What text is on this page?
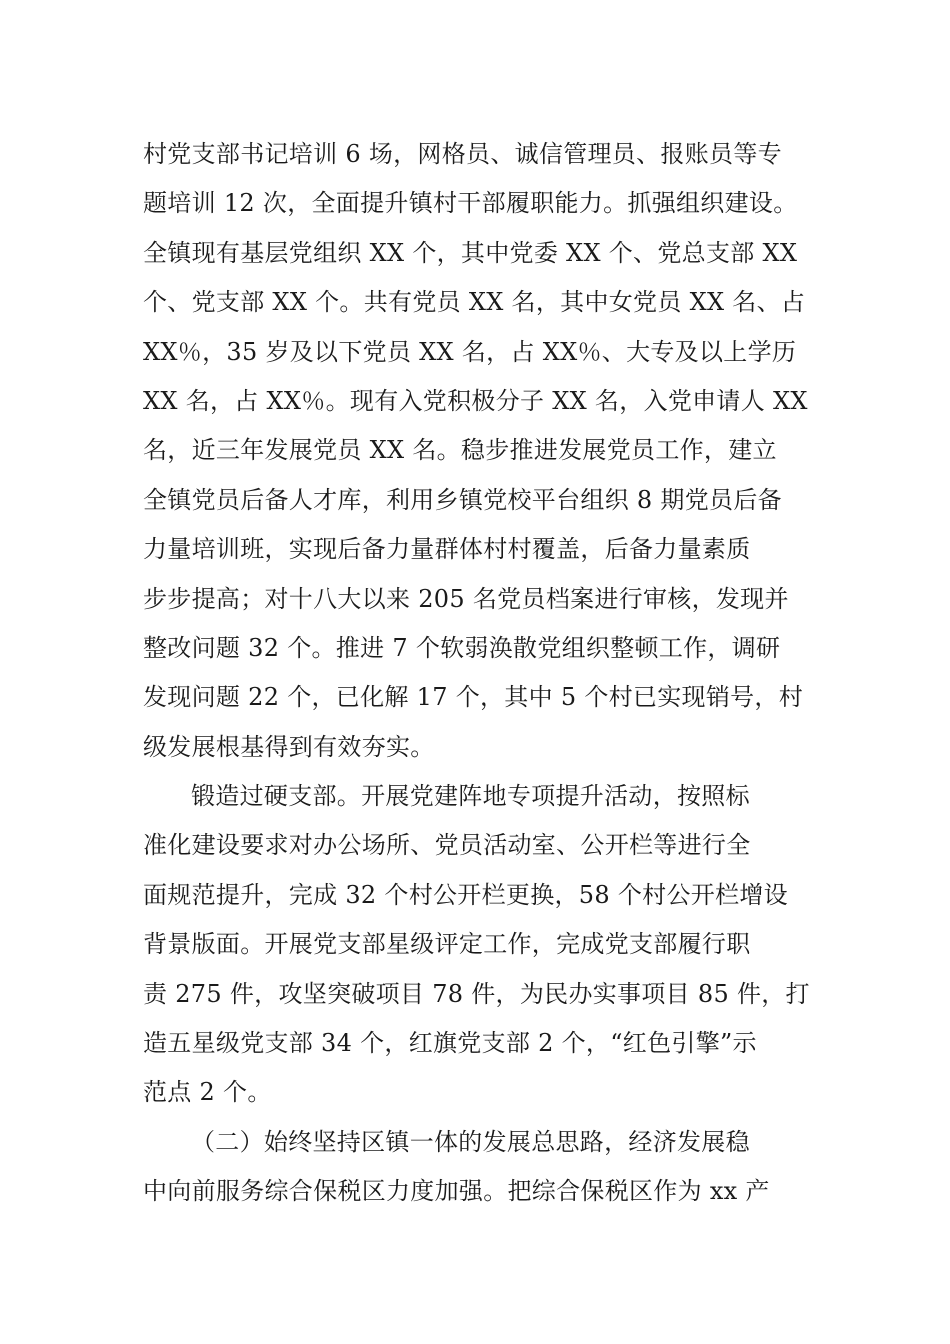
村党支部书记培训 6 场，网格员、诚信管理员、报账员等专
题培训 12 次，全面提升镇村干部履职能力。抓强组织建设。
全镇现有基层党组织 XX 个，其中党委 XX 个、党总支部 XX
个、党支部 XX 个。共有党员 XX 名，其中女党员 XX 名、占
XX％，35 岁及以下党员 XX 名，占 XX％、大专及以上学历
XX 名，占 XX％。现有入党积极分子 XX 名，入党申请人 XX
名，近三年发展党员 XX 名。稳步推进发展党员工作，建立
全镇党员后备人才库，利用乡镇党校平台组织 8 期党员后备
力量培训班，实现后备力量群体村村覆盖，后备力量素质
步步提高；对十八大以来 205 名党员档案进行审核，发现并
整改问题 32 个。推进 7 个软弱涣散党组织整顿工作，调研
发现问题 22 个，已化解 17 个，其中 5 个村已实现销号，村
级发展根基得到有效夯实。
锻造过硬支部。开展党建阵地专项提升活动，按照标
准化建设要求对办公场所、党员活动室、公开栏等进行全
面规范提升，完成 32 个村公开栏更换，58 个村公开栏增设
背景版面。开展党支部星级评定工作，完成党支部履行职
责 275 件，攻坚突破项目 78 件，为民办实事项目 85 件，打
造五星级党支部 34 个，红旗党支部 2 个，“红色引擎”示
范点 2 个。
（二）始终坚持区镇一体的发展总思路，经济发展稳
中向前服务综合保税区力度加强。把综合保税区作为 xx 产
